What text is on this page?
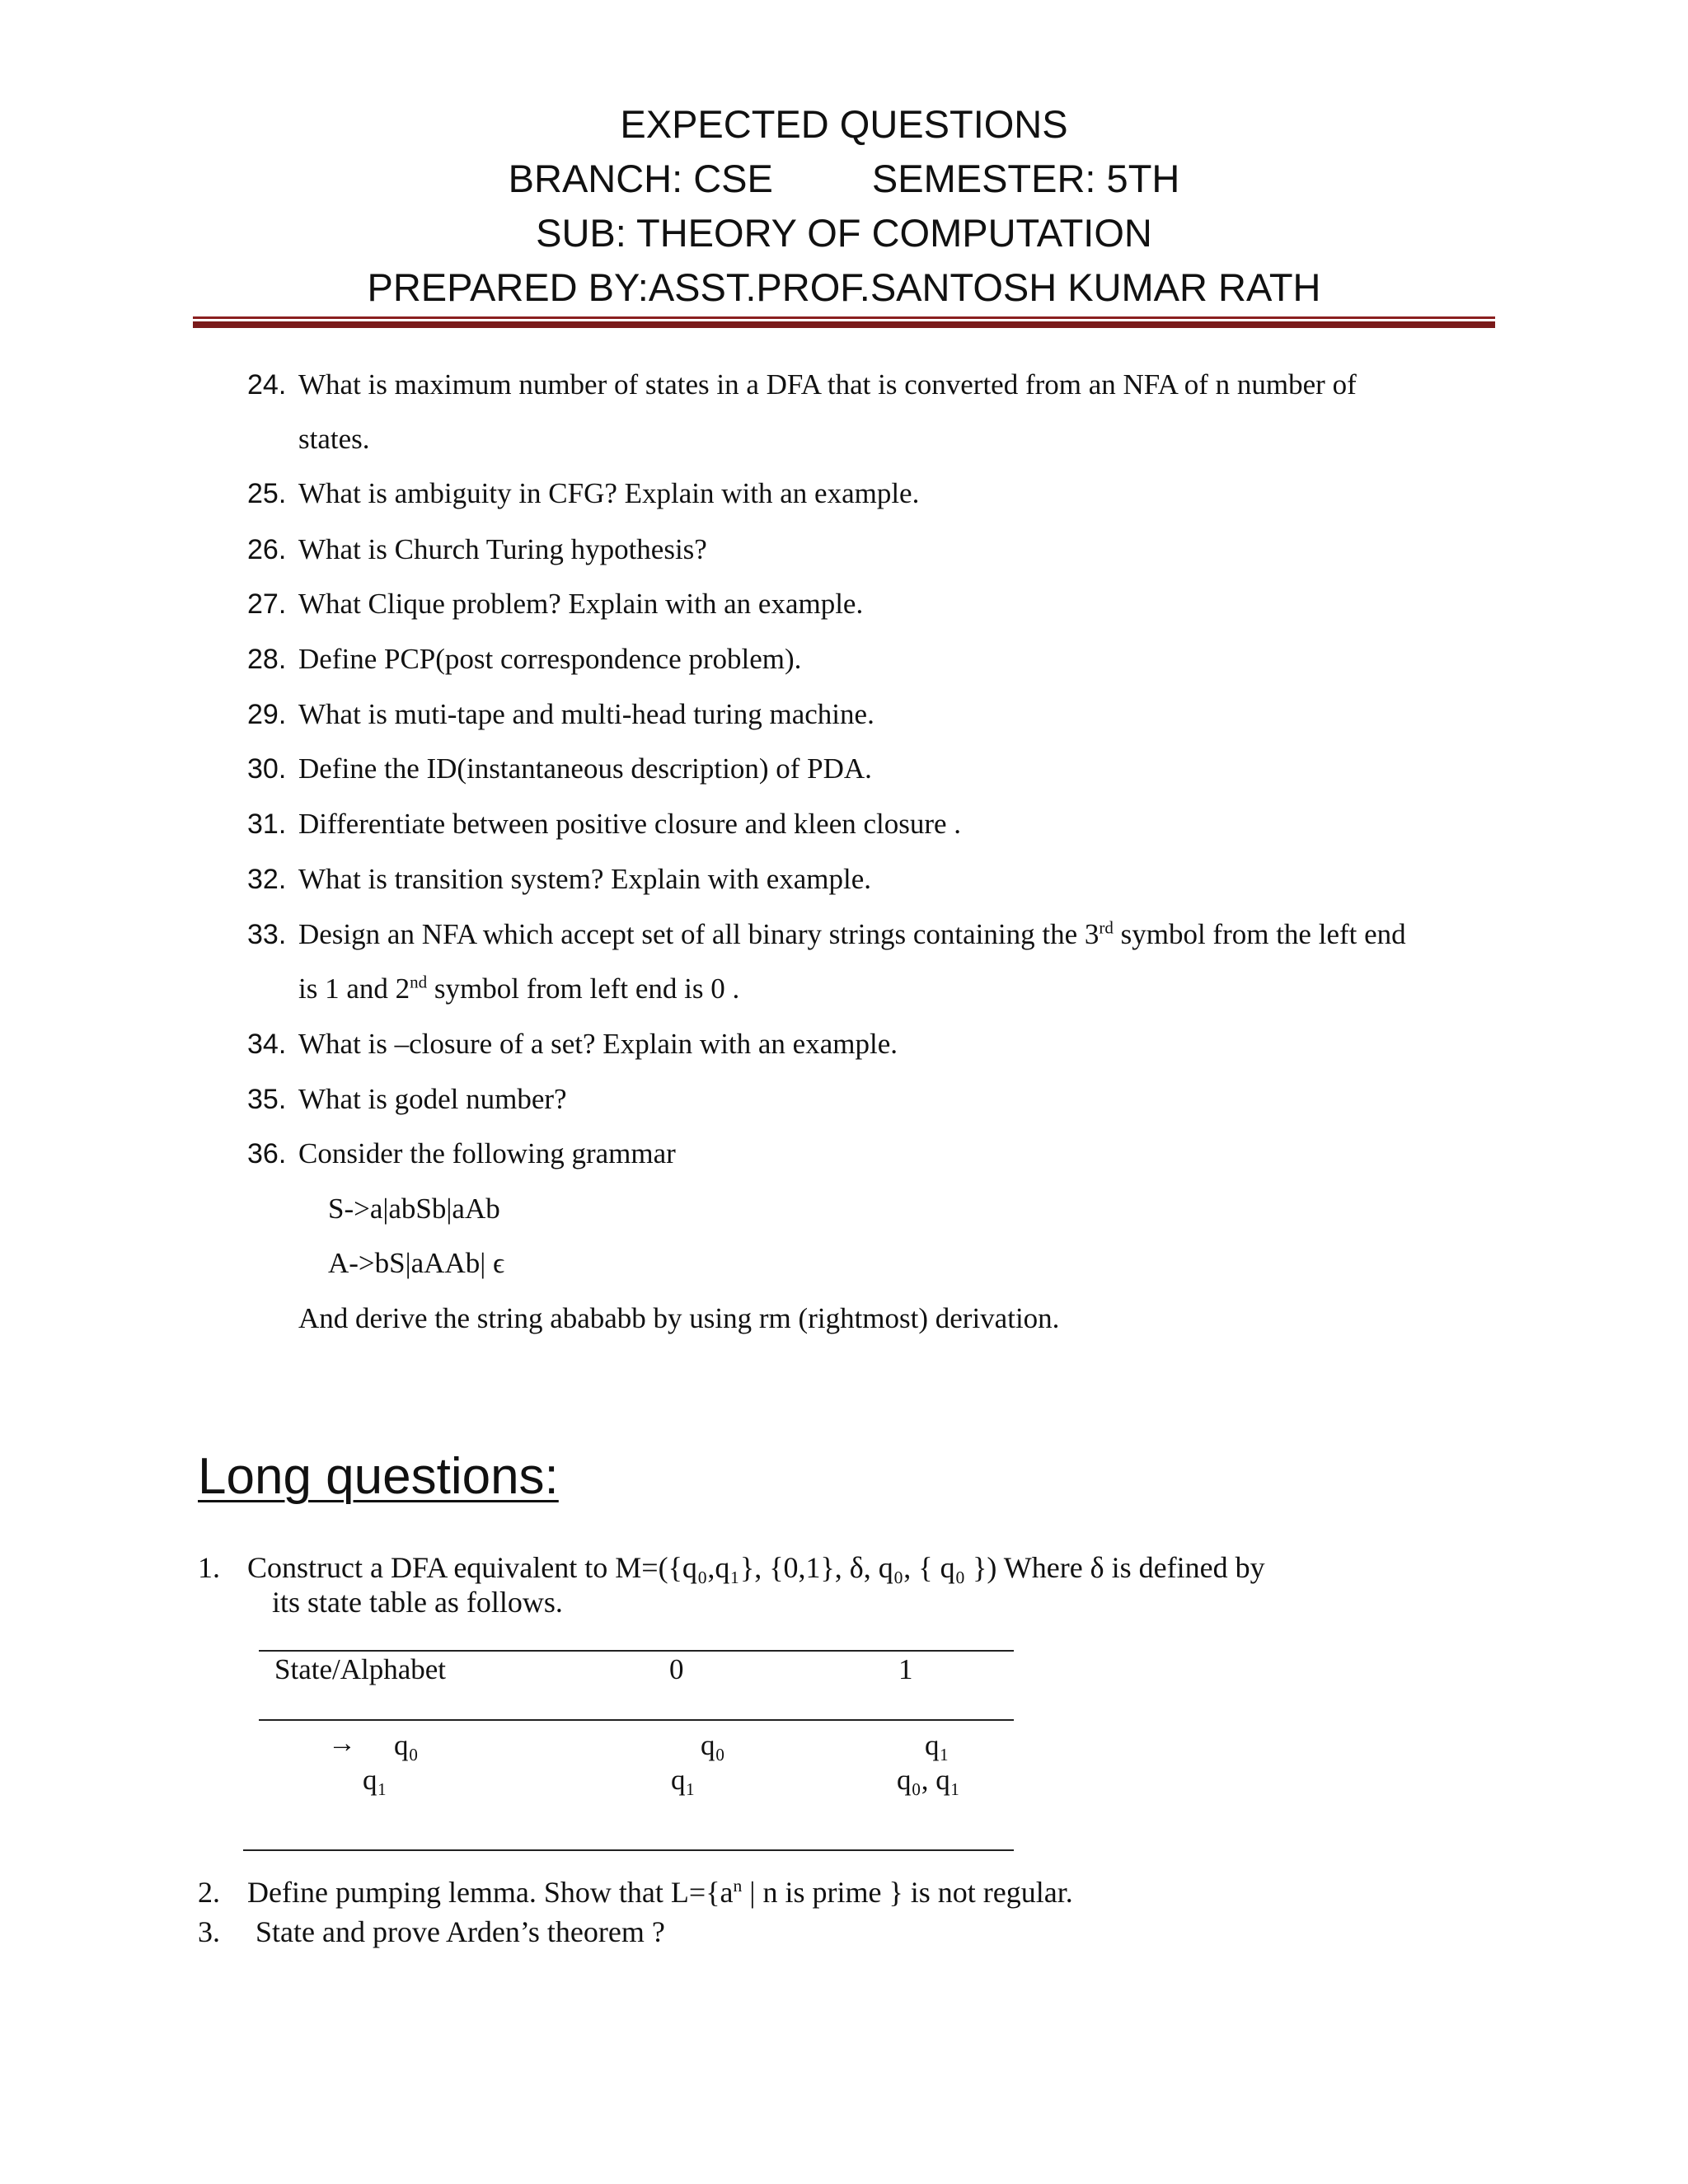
EXPECTED QUESTIONS
BRANCH: CSE	SEMESTER: 5TH
SUB: THEORY OF COMPUTATION
PREPARED BY:ASST.PROF.SANTOSH KUMAR RATH
24. What is maximum number of states in a DFA that is converted from an NFA of n number of
states.
25. What is ambiguity in CFG? Explain with an example.
26. What is Church Turing hypothesis?
27. What Clique problem? Explain with an example.
28. Define PCP(post correspondence problem).
29. What is muti-tape and multi-head turing machine.
30. Define the ID(instantaneous description) of PDA.
31. Differentiate between positive closure and kleen closure .
32. What is transition system? Explain with example.
33. Design an NFA which accept set of all binary strings containing the 3rd symbol from the left end
is 1 and 2nd symbol from left end is 0 .
34. What is –closure of a set? Explain with an example.
35. What is godel number?
36. Consider the following grammar
S->a|abSb|aAb
A->bS|aAAb| ϵ
And derive the string abababb by using rm (rightmost) derivation.
Long questions:
1. Construct a DFA equivalent to M=({q₀,q₁}, {0,1}, δ, q₀, { q₀ }) Where δ is defined by
its state table as follows.
State/Alphabet	0	1
→ q₀	q₀	q₁
q₁	q₁	q₀, q₁
2. Define pumping lemma. Show that $L=\{a^n$ | n is prime } is not regular.
3. State and prove Arden’s theorem ?
